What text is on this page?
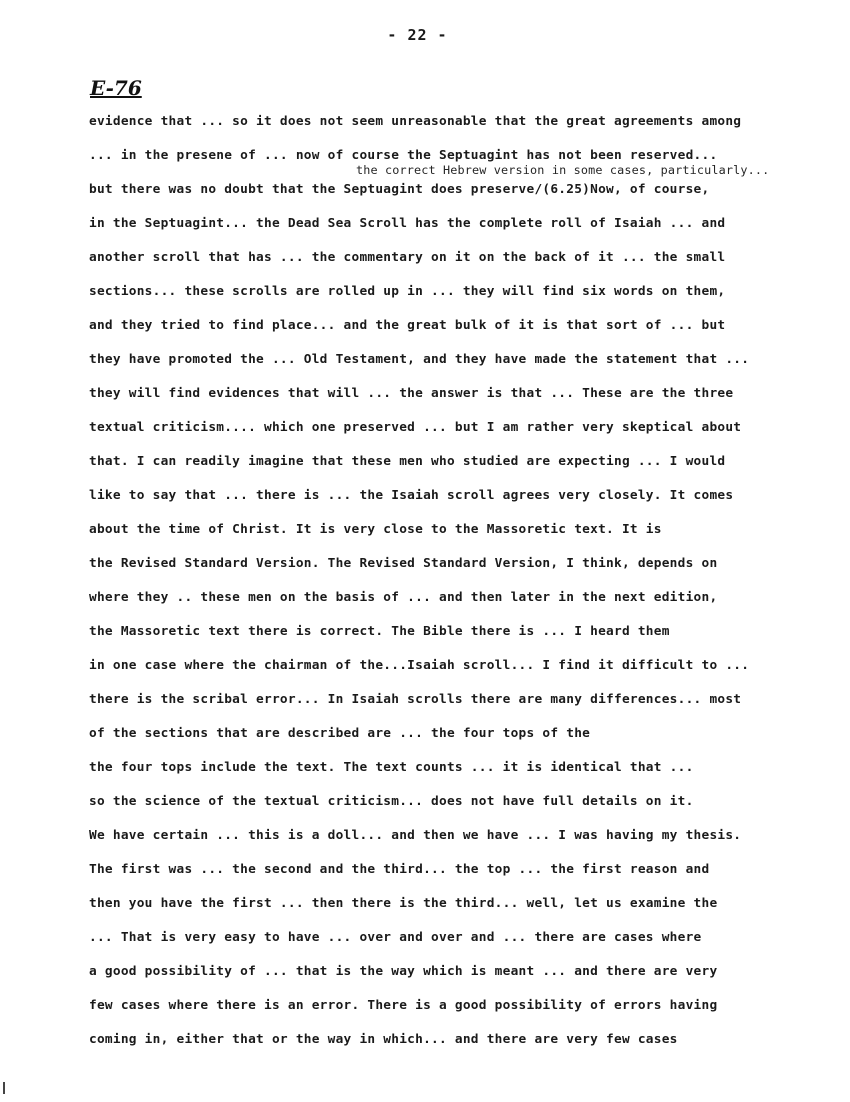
- 22 -
E-76
the correct Hebrew version in some cases, particularly...
evidence that ... so it does not seem unreasonable that the great agreements among
... in the presene of ... now of course the Septuagint has not been reserved...
but there was no doubt that the Septuagint does preserve/(6.25)Now, of course,
in the Septuagint... the Dead Sea Scroll has the complete roll of Isaiah ... and
another scroll that has ... the commentary on it on the back of it ... the small
sections... these scrolls are rolled up in ... they will find six words on them,
and they tried to find place... and the great bulk of it is that sort of ... but
they have promoted the ... Old Testament, and they have made the statement that ...
they will find evidences that will ... the answer is that ... These are the three
textual criticism.... which one preserved ... but I am rather very skeptical about
that. I can readily imagine that these men who studied are expecting ... I would
like to say that ... there is ... the Isaiah scroll agrees very closely. It comes
about the time of Christ. It is very close to the Massoretic text. It is
the Revised Standard Version. The Revised Standard Version, I think, depends on
where they .. these men on the basis of ... and then later in the next edition,
the Massoretic text there is correct. The Bible there is ... I heard them
in one case where the chairman of the...Isaiah scroll... I find it difficult to ...
there is the scribal error... In Isaiah scrolls there are many differences... most
of the sections that are described are ... the four tops of the
the four tops include the text. The text counts ... it is identical that ...
so the science of the textual criticism... does not have full details on it.
We have certain ... this is a doll... and then we have ... I was having my thesis.
The first was ... the second and the third... the top ... the first reason and
then you have the first ... then there is the third... well, let us examine the
... That is very easy to have ... over and over and ... there are cases where
a good possibility of ... that is the way which is meant ... and there are very
few cases where there is an error. There is a good possibility of errors having
coming in, either that or the way in which... and there are very few cases
